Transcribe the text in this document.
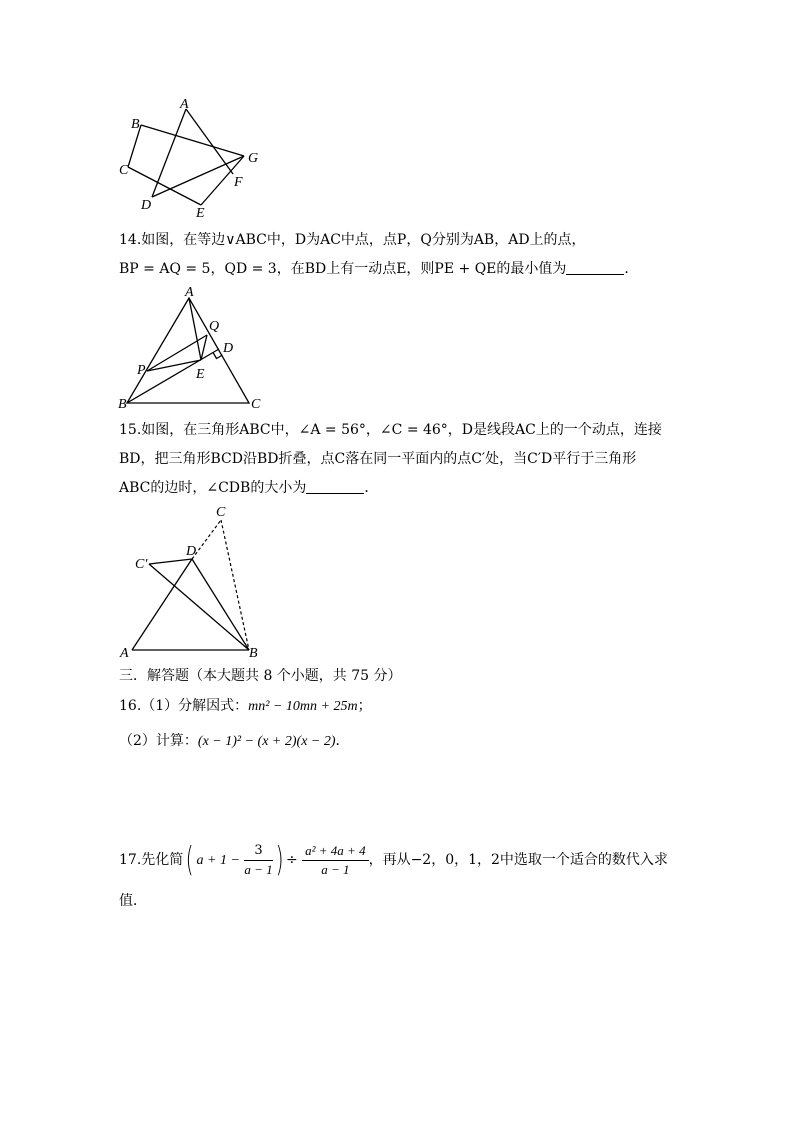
A
B
C
D
E
F
G
14.如图，在等边∨ABC中，D为AC中点，点P，Q分别为AB，AD上的点，
BP = AQ = 5，QD = 3，在BD上有一动点E，则PE + QE的最小值为	．
A
Q
D
P	E
B	C
15.如图，在三角形ABC中，∠A = 56°，∠C = 46°，D是线段AC上的一个动点，连接
BD，把三角形BCD沿BD折叠，点C落在同一平面内的点C′处，当C′D平行于三角形
ABC的边时，∠CDB的大小为	．
C
D
C′
A	B
三．解答题（本大题共 8 个小题，共 75 分）
16.（1）分解因式：mn² − 10mn + 25m；
（2）计算：(x − 1)² − (x + 2)(x − 2)．
17.先化简( $a + 1 - \frac{3}{a - 1}$ ) ÷ $\frac{\text{a² + 4a + 4}}{a - 1}$ ，再从−2，0，1，2中选取一个适合的数代入求
值．
